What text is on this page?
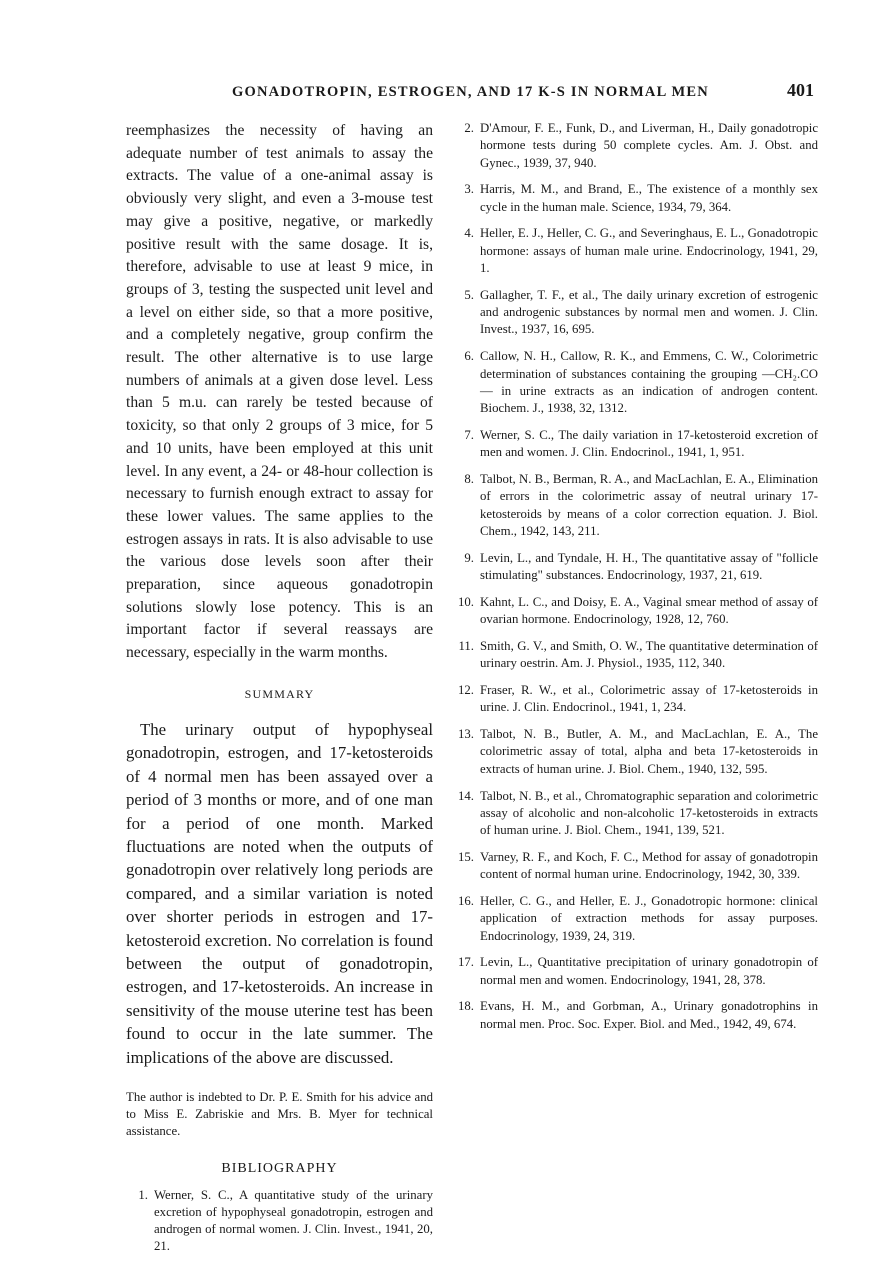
GONADOTROPIN, ESTROGEN, AND 17 K-S IN NORMAL MEN	401

reemphasizes the necessity of having an adequate number of test animals to assay the extracts. The value of a one-animal assay is obviously very slight, and even a 3-mouse test may give a positive, negative, or markedly positive result with the same dosage. It is, therefore, advisable to use at least 9 mice, in groups of 3, testing the suspected unit level and a level on either side, so that a more positive, and a completely negative, group confirm the result. The other alternative is to use large numbers of animals at a given dose level. Less than 5 m.u. can rarely be tested because of toxicity, so that only 2 groups of 3 mice, for 5 and 10 units, have been employed at this unit level. In any event, a 24- or 48-hour collection is necessary to furnish enough extract to assay for these lower values. The same applies to the estrogen assays in rats. It is also advisable to use the various dose levels soon after their preparation, since aqueous gonadotropin solutions slowly lose potency. This is an important factor if several reassays are necessary, especially in the warm months.

SUMMARY

The urinary output of hypophyseal gonadotropin, estrogen, and 17-ketosteroids of 4 normal men has been assayed over a period of 3 months or more, and of one man for a period of one month. Marked fluctuations are noted when the outputs of gonadotropin over relatively long periods are compared, and a similar variation is noted over shorter periods in estrogen and 17-ketosteroid excretion. No correlation is found between the output of gonadotropin, estrogen, and 17-ketosteroids. An increase in sensitivity of the mouse uterine test has been found to occur in the late summer. The implications of the above are discussed.

The author is indebted to Dr. P. E. Smith for his advice and to Miss E. Zabriskie and Mrs. B. Myer for technical assistance.

BIBLIOGRAPHY
1. Werner, S. C., A quantitative study of the urinary excretion of hypophyseal gonadotropin, estrogen and androgen of normal women. J. Clin. Invest., 1941, 20, 21.
2. D'Amour, F. E., Funk, D., and Liverman, H., Daily gonadotropic hormone tests during 50 complete cycles. Am. J. Obst. and Gynec., 1939, 37, 940.
3. Harris, M. M., and Brand, E., The existence of a monthly sex cycle in the human male. Science, 1934, 79, 364.
4. Heller, E. J., Heller, C. G., and Severinghaus, E. L., Gonadotropic hormone: assays of human male urine. Endocrinology, 1941, 29, 1.
5. Gallagher, T. F., et al., The daily urinary excretion of estrogenic and androgenic substances by normal men and women. J. Clin. Invest., 1937, 16, 695.
6. Callow, N. H., Callow, R. K., and Emmens, C. W., Colorimetric determination of substances containing the grouping —CH₂.CO— in urine extracts as an indication of androgen content. Biochem. J., 1938, 32, 1312.
7. Werner, S. C., The daily variation in 17-ketosteroid excretion of men and women. J. Clin. Endocrinol., 1941, 1, 951.
8. Talbot, N. B., Berman, R. A., and MacLachlan, E. A., Elimination of errors in the colorimetric assay of neutral urinary 17-ketosteroids by means of a color correction equation. J. Biol. Chem., 1942, 143, 211.
9. Levin, L., and Tyndale, H. H., The quantitative assay of "follicle stimulating" substances. Endocrinology, 1937, 21, 619.
10. Kahnt, L. C., and Doisy, E. A., Vaginal smear method of assay of ovarian hormone. Endocrinology, 1928, 12, 760.
11. Smith, G. V., and Smith, O. W., The quantitative determination of urinary oestrin. Am. J. Physiol., 1935, 112, 340.
12. Fraser, R. W., et al., Colorimetric assay of 17-ketosteroids in urine. J. Clin. Endocrinol., 1941, 1, 234.
13. Talbot, N. B., Butler, A. M., and MacLachlan, E. A., The colorimetric assay of total, alpha and beta 17-ketosteroids in extracts of human urine. J. Biol. Chem., 1940, 132, 595.
14. Talbot, N. B., et al., Chromatographic separation and colorimetric assay of alcoholic and non-alcoholic 17-ketosteroids in extracts of human urine. J. Biol. Chem., 1941, 139, 521.
15. Varney, R. F., and Koch, F. C., Method for assay of gonadotropin content of normal human urine. Endocrinology, 1942, 30, 339.
16. Heller, C. G., and Heller, E. J., Gonadotropic hormone: clinical application of extraction methods for assay purposes. Endocrinology, 1939, 24, 319.
17. Levin, L., Quantitative precipitation of urinary gonadotropin of normal men and women. Endocrinology, 1941, 28, 378.
18. Evans, H. M., and Gorbman, A., Urinary gonadotrophins in normal men. Proc. Soc. Exper. Biol. and Med., 1942, 49, 674.
